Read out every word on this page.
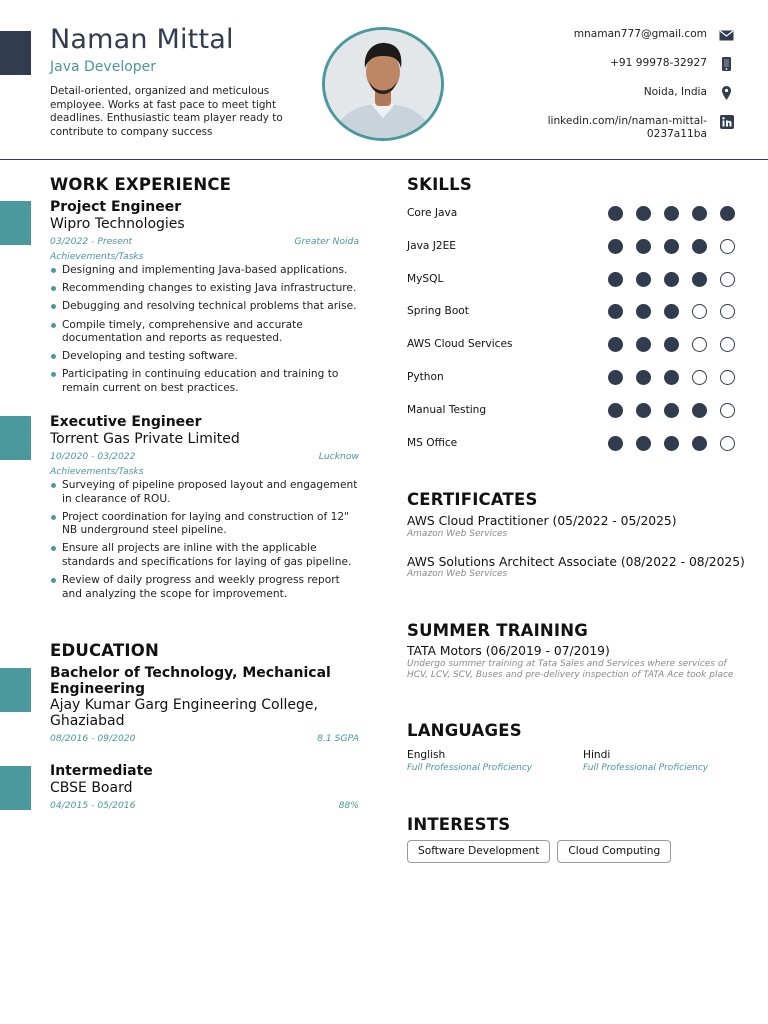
Naman Mittal
Java Developer

Detail-oriented, organized and meticulous employee. Works at fast pace to meet tight deadlines. Enthusiastic team player ready to contribute to company success

mnaman777@gmail.com
+91 99978-32927
Noida, India
linkedin.com/in/naman-mittal-0237a11ba
WORK EXPERIENCE
Project Engineer
Wipro Technologies
03/2022 - Present	Greater Noida
Achievements/Tasks
Designing and implementing Java-based applications.
Recommending changes to existing Java infrastructure.
Debugging and resolving technical problems that arise.
Compile timely, comprehensive and accurate documentation and reports as requested.
Developing and testing software.
Participating in continuing education and training to remain current on best practices.
Executive Engineer
Torrent Gas Private Limited
10/2020 - 03/2022	Lucknow
Achievements/Tasks
Surveying of pipeline proposed layout and engagement in clearance of ROU.
Project coordination for laying and construction of 12" NB underground steel pipeline.
Ensure all projects are inline with the applicable standards and specifications for laying of gas pipeline.
Review of daily progress and weekly progress report and analyzing the scope for improvement.
EDUCATION
Bachelor of Technology, Mechanical Engineering
Ajay Kumar Garg Engineering College, Ghaziabad
08/2016 - 09/2020	8.1 SGPA
Intermediate
CBSE Board
04/2015 - 05/2016	88%
SKILLS
Core Java
Java J2EE
MySQL
Spring Boot
AWS Cloud Services
Python
Manual Testing
MS Office
CERTIFICATES
AWS Cloud Practitioner (05/2022 - 05/2025)
Amazon Web Services
AWS Solutions Architect Associate (08/2022 - 08/2025)
Amazon Web Services
SUMMER TRAINING
TATA Motors (06/2019 - 07/2019)
Undergo summer training at Tata Sales and Services where services of HCV, LCV, SCV, Buses and pre-delivery inspection of TATA Ace took place
LANGUAGES
English
Full Professional Proficiency
Hindi
Full Professional Proficiency
INTERESTS
Software Development	Cloud Computing
